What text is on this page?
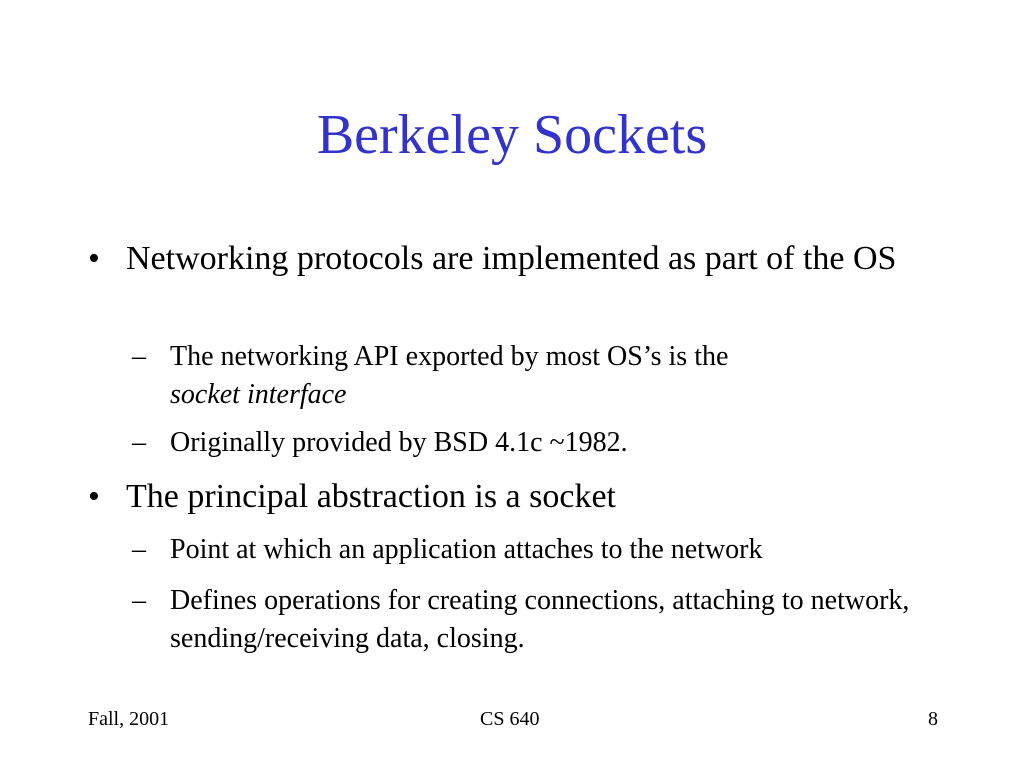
Berkeley Sockets
• Networking protocols are implemented as part of the OS
– The networking API exported by most OS’s is the
socket interface
– Originally provided by BSD 4.1c ~1982.
• The principal abstraction is a socket
– Point at which an application attaches to the network
– Defines operations for creating connections, attaching to network, sending/receiving data, closing.
Fall, 2001	CS 640	8
